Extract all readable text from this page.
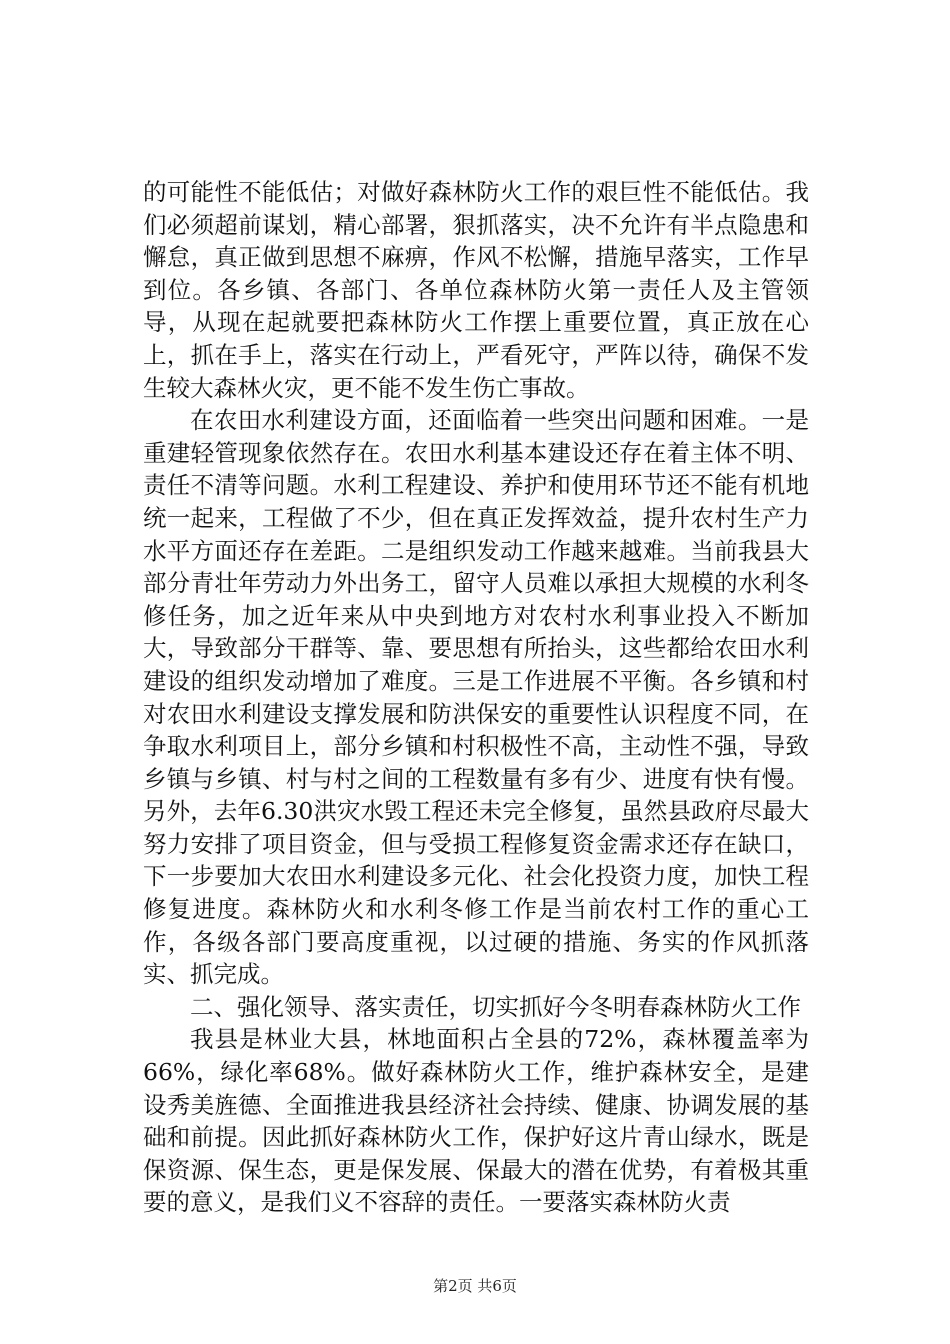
的可能性不能低估；对做好森林防火工作的艰巨性不能低估。我们必须超前谋划，精心部署，狠抓落实，决不允许有半点隐患和懈怠，真正做到思想不麻痹，作风不松懈，措施早落实，工作早到位。各乡镇、各部门、各单位森林防火第一责任人及主管领导，从现在起就要把森林防火工作摆上重要位置，真正放在心上，抓在手上，落实在行动上，严看死守，严阵以待，确保不发生较大森林火灾，更不能不发生伤亡事故。

在农田水利建设方面，还面临着一些突出问题和困难。一是重建轻管现象依然存在。农田水利基本建设还存在着主体不明、责任不清等问题。水利工程建设、养护和使用环节还不能有机地统一起来，工程做了不少，但在真正发挥效益，提升农村生产力水平方面还存在差距。二是组织发动工作越来越难。当前我县大部分青壮年劳动力外出务工，留守人员难以承担大规模的水利冬修任务，加之近年来从中央到地方对农村水利事业投入不断加大，导致部分干群等、靠、要思想有所抬头，这些都给农田水利建设的组织发动增加了难度。三是工作进展不平衡。各乡镇和村对农田水利建设支撑发展和防洪保安的重要性认识程度不同，在争取水利项目上，部分乡镇和村积极性不高，主动性不强，导致乡镇与乡镇、村与村之间的工程数量有多有少、进度有快有慢。另外，去年6.30洪灾水毁工程还未完全修复，虽然县政府尽最大努力安排了项目资金，但与受损工程修复资金需求还存在缺口，下一步要加大农田水利建设多元化、社会化投资力度，加快工程修复进度。森林防火和水利冬修工作是当前农村工作的重心工作，各级各部门要高度重视，以过硬的措施、务实的作风抓落实、抓完成。

二、强化领导、落实责任，切实抓好今冬明春森林防火工作

我县是林业大县，林地面积占全县的72%，森林覆盖率为66%，绿化率68%。做好森林防火工作，维护森林安全，是建设秀美旌德、全面推进我县经济社会持续、健康、协调发展的基础和前提。因此抓好森林防火工作，保护好这片青山绿水，既是保资源、保生态，更是保发展、保最大的潜在优势，有着极其重要的意义，是我们义不容辞的责任。一要落实森林防火责

第2页 共6页
